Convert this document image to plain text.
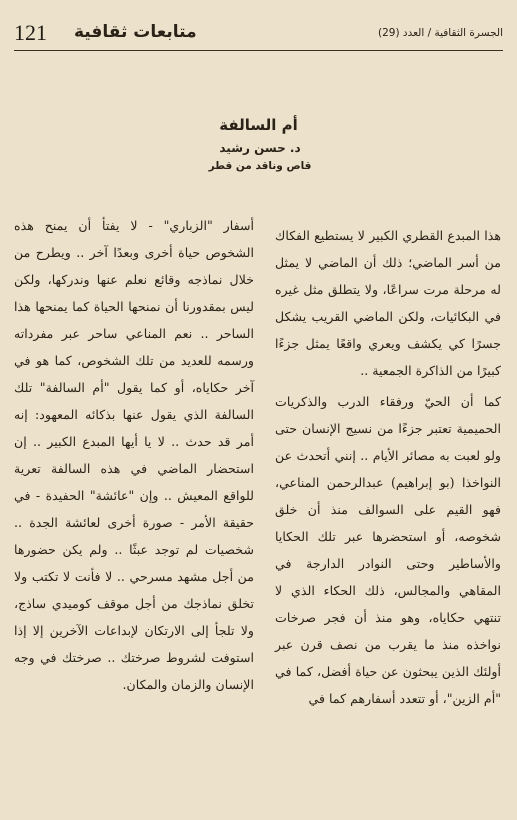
121 متابعات ثقافية	الجسرة الثقافية / العدد (29)
أم السالفة
د. حسن رشيد
قاص وناقد من قطر

هذا المبدع القطري الكبير لا يستطيع الفكاك من أسر الماضي؛ ذلك أن الماضي لا يمثل له مرحلة مرت سراعًا، ولا يتطلق مثل غيره في البكائيات، ولكن الماضي القريب يشكل جسرًا كي يكشف ويعري واقعًا يمثل جزءًا كبيرًا من الذاكرة الجمعية ..

كما أن الحيّ ورفقاء الدرب والذكريات الحميمية تعتبر جزءًا من نسيج الإنسان حتى ولو لعبت به مصائر الأيام .. إنني أتحدث عن النواخذا (بو إبراهيم) عبدالرحمن المناعي، فهو القيم على السوالف منذ أن خلق شخوصه، أو استحضرها عبر تلك الحكايا والأساطير وحتى النوادر الدارجة في المقاهي والمجالس، ذلك الحكاء الذي لا تنتهي حكاياه، وهو منذ أن فجر صرخات نواخذه منذ ما يقرب من نصف قرن عبر أولئك الذين يبحثون عن حياة أفضل، كما في "أم الزين"، أو تتعدد أسفارهم كما في

أسفار "الزباري" - لا يفتأ أن يمنح هذه الشخوص حياة أخرى وبعدًا آخر .. ويطرح من خلال نماذجه وقائع نعلم عنها وندركها، ولكن ليس بمقدورنا أن نمنحها الحياة كما يمنحها هذا الساحر .. نعم المناعي ساحر عبر مفرداته ورسمه للعديد من تلك الشخوص، كما هو في آخر حكاياه، أو كما يقول "أم السالفة" تلك السالفة الذي يقول عنها بذكائه المعهود: إنه أمر قد حدث .. لا يا أيها المبدع الكبير .. إن استحضار الماضي في هذه السالفة تعرية للواقع المعيش .. وإن "عائشة" الحفيدة - في حقيقة الأمر - صورة أخرى لعائشة الجدة .. شخصيات لم توجد عبثًا .. ولم يكن حضورها من أجل مشهد مسرحي .. لا فأنت لا تكتب ولا تخلق نماذجك من أجل موقف كوميدي ساذج، ولا تلجأ إلى الارتكان لإبداعات الآخرين إلا إذا استوفت لشروط صرختك .. صرختك في وجه الإنسان والزمان والمكان.
